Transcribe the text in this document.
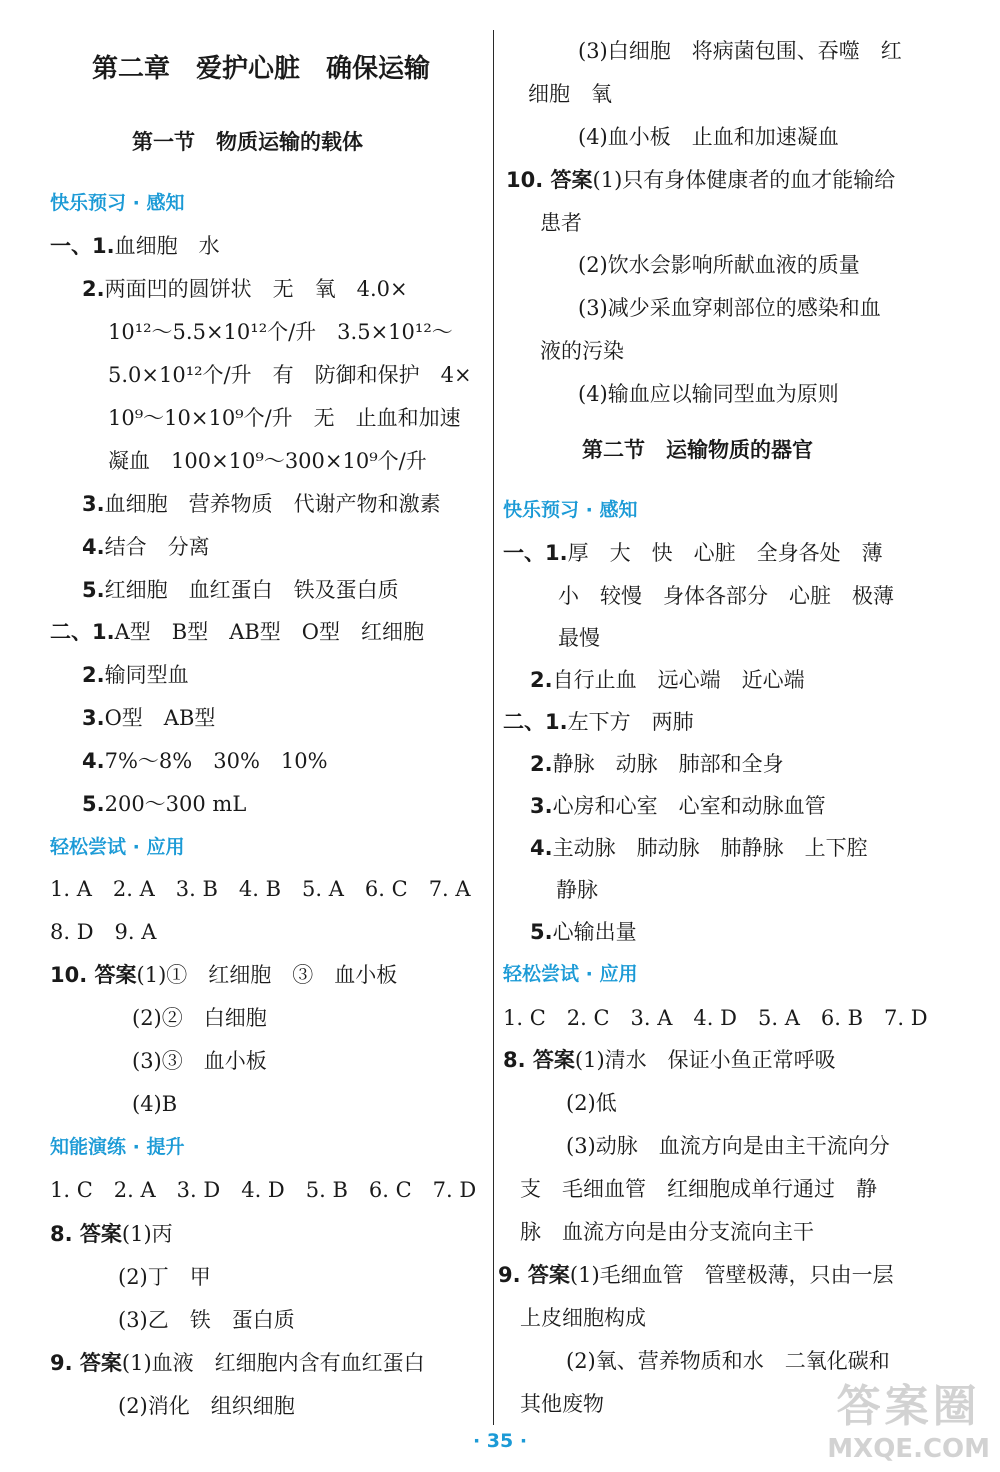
第二章　爱护心脏　确保运输
第一节　物质运输的载体
快乐预习 · 感知
一、1.血细胞　水
2.两面凹的圆饼状　无　氧　4.0×
10¹²～5.5×10¹²个/升　3.5×10¹²～
5.0×10¹²个/升　有　防御和保护　4×
10⁹～10×10⁹个/升　无　止血和加速
凝血　100×10⁹～300×10⁹个/升
3.血细胞　营养物质　代谢产物和激素
4.结合　分离
5.红细胞　血红蛋白　铁及蛋白质
二、1.A型　B型　AB型　O型　红细胞
2.输同型血
3.O型　AB型
4.7%～8%　30%　10%
5.200～300 mL
轻松尝试 · 应用
1. A　2. A　3. B　4. B　5. A　6. C　7. A
8. D　9. A
10. 答案(1)①　红细胞　③　血小板
(2)②　白细胞
(3)③　血小板
(4)B
知能演练 · 提升
1. C　2. A　3. D　4. D　5. B　6. C　7. D
8. 答案(1)丙
(2)丁　甲
(3)乙　铁　蛋白质
9. 答案(1)血液　红细胞内含有血红蛋白
(2)消化　组织细胞
(3)白细胞　将病菌包围、吞噬　红
细胞　氧
(4)血小板　止血和加速凝血
10. 答案(1)只有身体健康者的血才能输给
患者
(2)饮水会影响所献血液的质量
(3)减少采血穿刺部位的感染和血
液的污染
(4)输血应以输同型血为原则
第二节　运输物质的器官
快乐预习 · 感知
一、1.厚　大　快　心脏　全身各处　薄
小　较慢　身体各部分　心脏　极薄
最慢
2.自行止血　远心端　近心端
二、1.左下方　两肺
2.静脉　动脉　肺部和全身
3.心房和心室　心室和动脉血管
4.主动脉　肺动脉　肺静脉　上下腔
静脉
5.心输出量
轻松尝试 · 应用
1. C　2. C　3. A　4. D　5. A　6. B　7. D
8. 答案(1)清水　保证小鱼正常呼吸
(2)低
(3)动脉　血流方向是由主干流向分
支　毛细血管　红细胞成单行通过　静
脉　血流方向是由分支流向主干
9. 答案(1)毛细血管　管壁极薄，只由一层
上皮细胞构成
(2)氧、营养物质和水　二氧化碳和
其他废物
· 35 ·
答案圈
MXQE.COM
